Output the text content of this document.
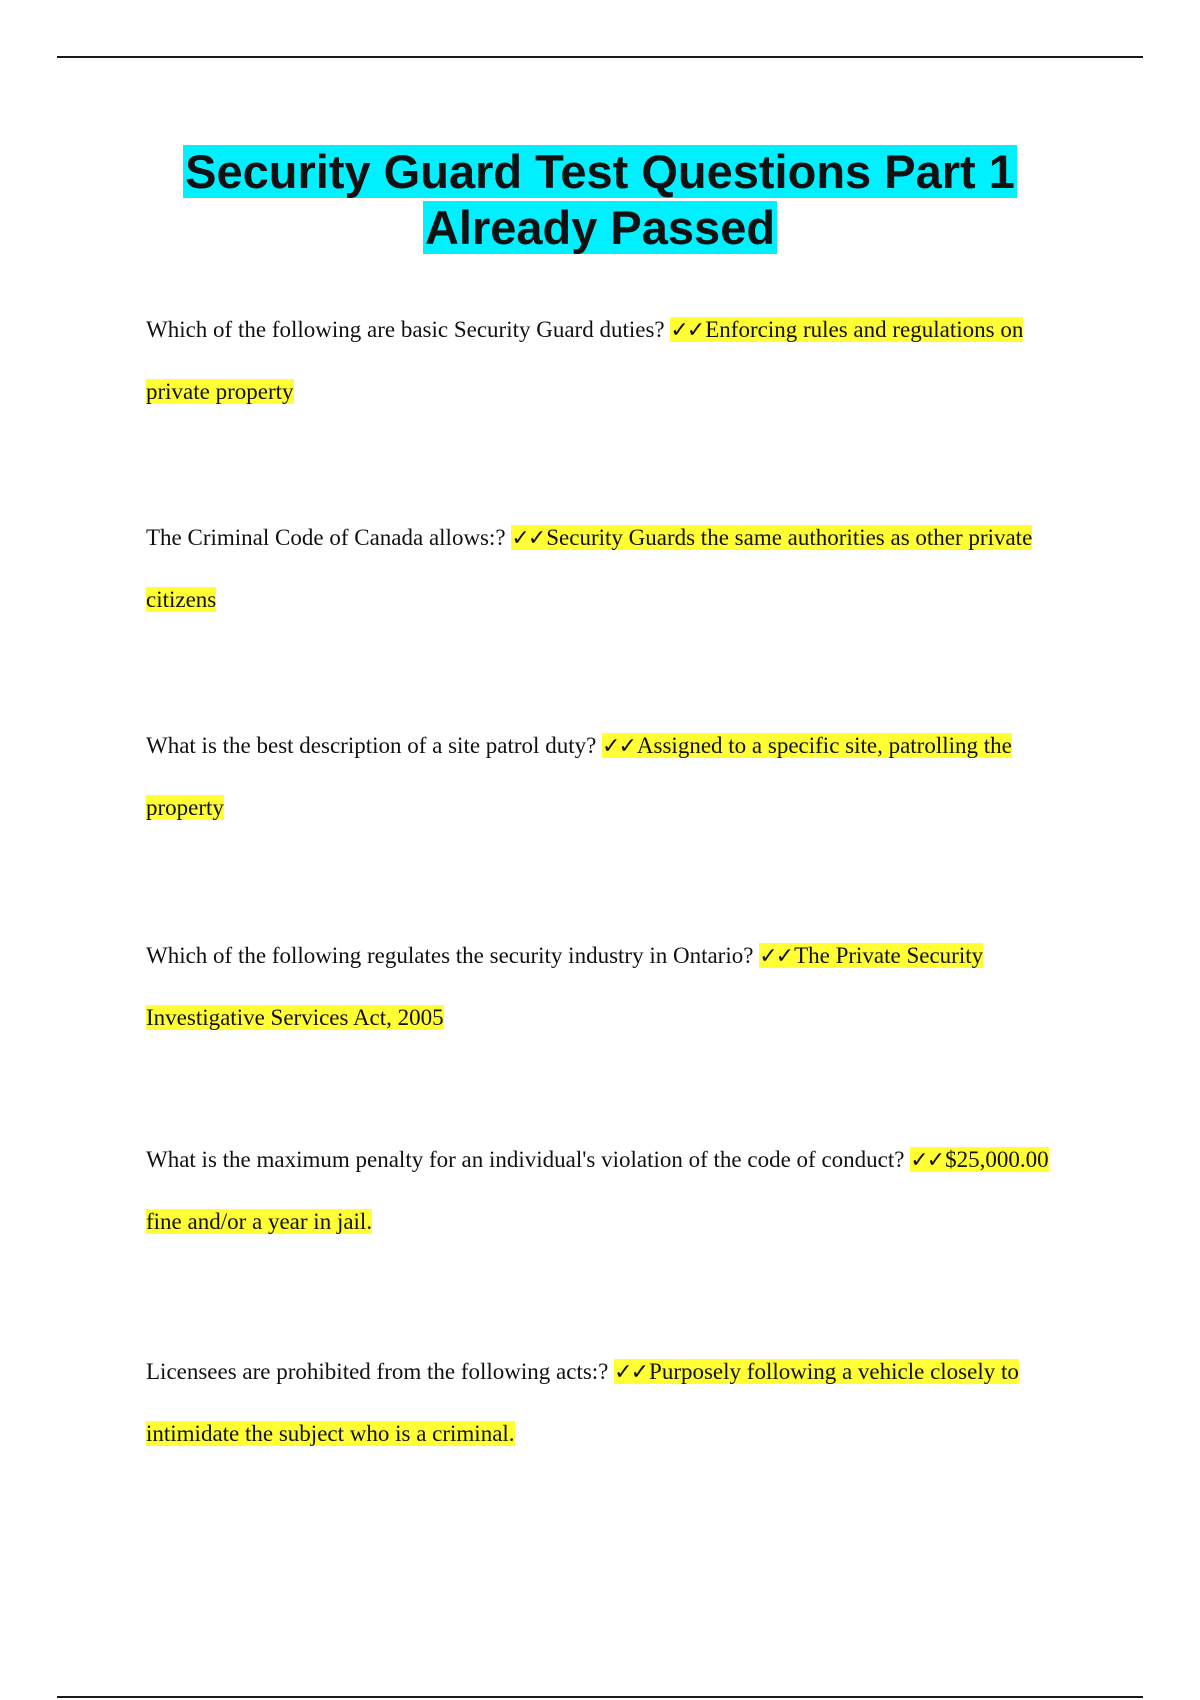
Security Guard Test Questions Part 1
Already Passed

Which of the following are basic Security Guard duties? ✓✓Enforcing rules and regulations on private property

The Criminal Code of Canada allows:? ✓✓Security Guards the same authorities as other private citizens

What is the best description of a site patrol duty? ✓✓Assigned to a specific site, patrolling the property

Which of the following regulates the security industry in Ontario? ✓✓The Private Security Investigative Services Act, 2005

What is the maximum penalty for an individual's violation of the code of conduct? ✓✓$25,000.00 fine and/or a year in jail.

Licensees are prohibited from the following acts:? ✓✓Purposely following a vehicle closely to intimidate the subject who is a criminal.
